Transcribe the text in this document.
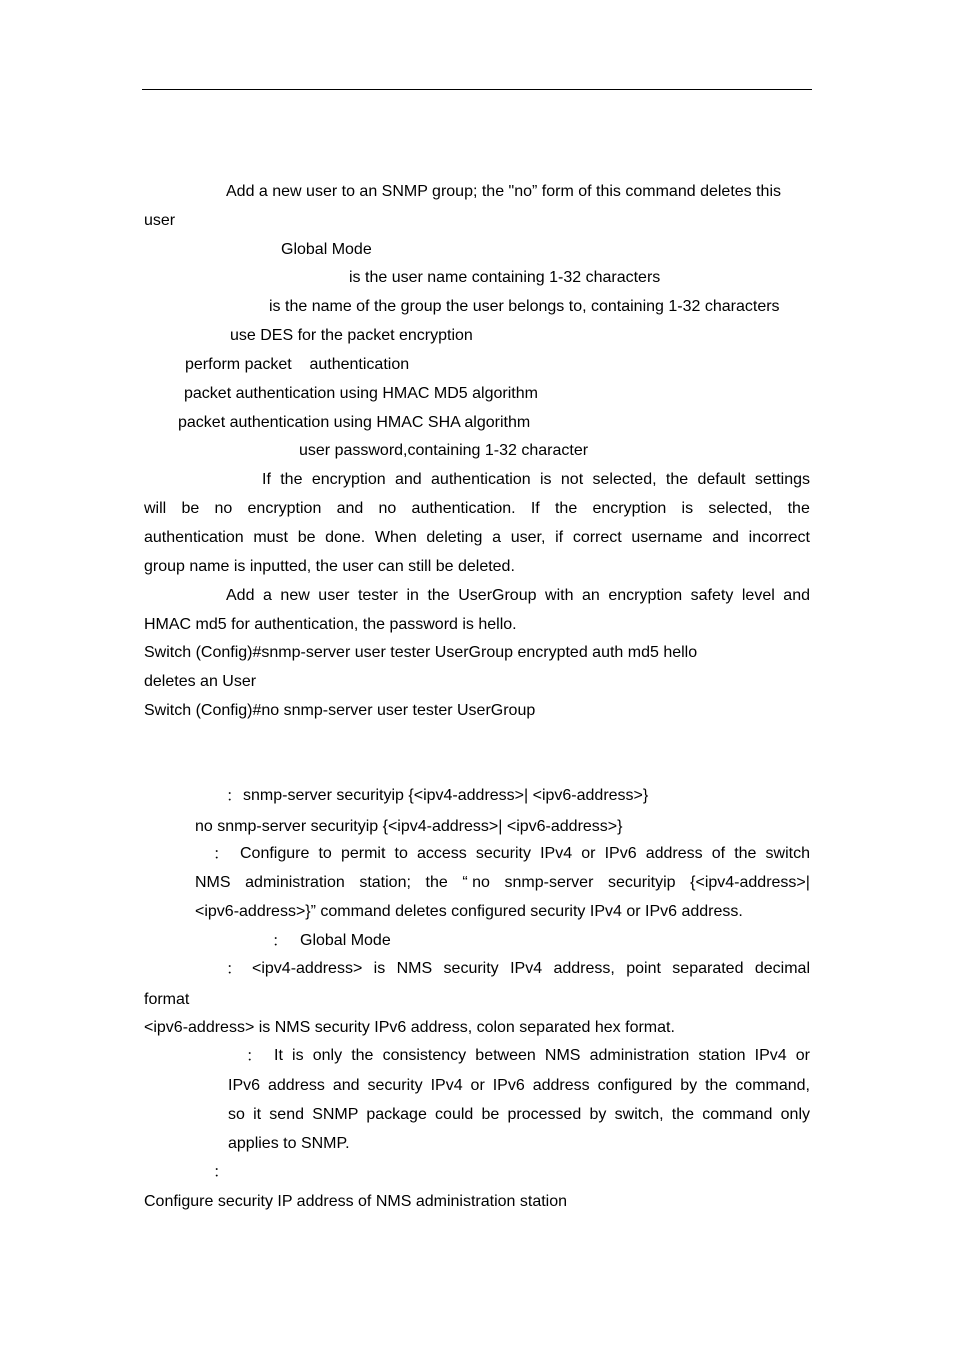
Add a new user to an SNMP group; the "no” form of this command deletes this
user
Global Mode
is the user name containing 1-32 characters
is the name of the group the user belongs to, containing 1-32 characters
use DES for the packet encryption
perform packet    authentication
packet authentication using HMAC MD5 algorithm
packet authentication using HMAC SHA algorithm
user password,containing 1-32 character
If the encryption and authentication is not selected, the default settings
will be no encryption and no authentication. If the encryption is selected, the
authentication must be done. When deleting a user, if correct username and incorrect
group name is inputted, the user can still be deleted.
Add a new user tester in the UserGroup with an encryption safety level and
HMAC md5 for authentication, the password is hello.
Switch (Config)#snmp-server user tester UserGroup encrypted auth md5 hello
deletes an User
Switch (Config)#no snmp-server user tester UserGroup
： snmp-server securityip {<ipv4-address>| <ipv6-address>}
no snmp-server securityip {<ipv4-address>| <ipv6-address>}
： Configure to permit to access security IPv4 or IPv6 address of the switch
NMS administration station; the “ no snmp-server securityip {<ipv4-address>|
<ipv6-address>}” command deletes configured security IPv4 or IPv6 address.
： Global Mode
： <ipv4-address> is NMS security IPv4 address, point separated decimal
format
<ipv6-address> is NMS security IPv6 address, colon separated hex format.
： It is only the consistency between NMS administration station IPv4 or
IPv6 address and security IPv4 or IPv6 address configured by the command,
so it send SNMP package could be processed by switch, the command only
applies to SNMP.
：
Configure security IP address of NMS administration station
